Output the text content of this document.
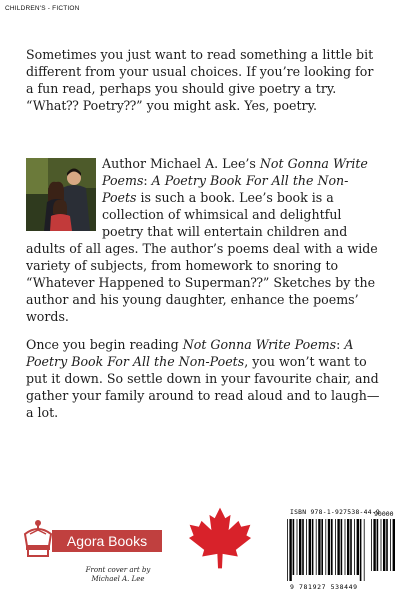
CHILDREN'S - FICTION

Sometimes you just want to read something a little bit different from your usual choices. If you’re looking for a fun read, perhaps you should give poetry a try. “What⁇ Poetry⁇” you might ask. Yes, poetry.

Author Michael A. Lee’s Not Gonna Write Poems: A Poetry Book For All the Non-Poets is such a book. Lee’s book is a collection of whimsical and delightful poetry that will entertain children and adults of all ages. The author’s poems deal with a wide variety of subjects, from homework to snoring to “Whatever Happened to Superman⁇” Sketches by the author and his young daughter, enhance the poems’ words.

Once you begin reading Not Gonna Write Poems: A Poetry Book For All the Non-Poets, you won’t want to put it down. So settle down in your favourite chair, and gather your family around to read aloud and to laugh—a lot.

Agora Books
Front cover art by
Michael A. Lee
ISBN 978-1-927538-44-9
90000
9 781927 538449
